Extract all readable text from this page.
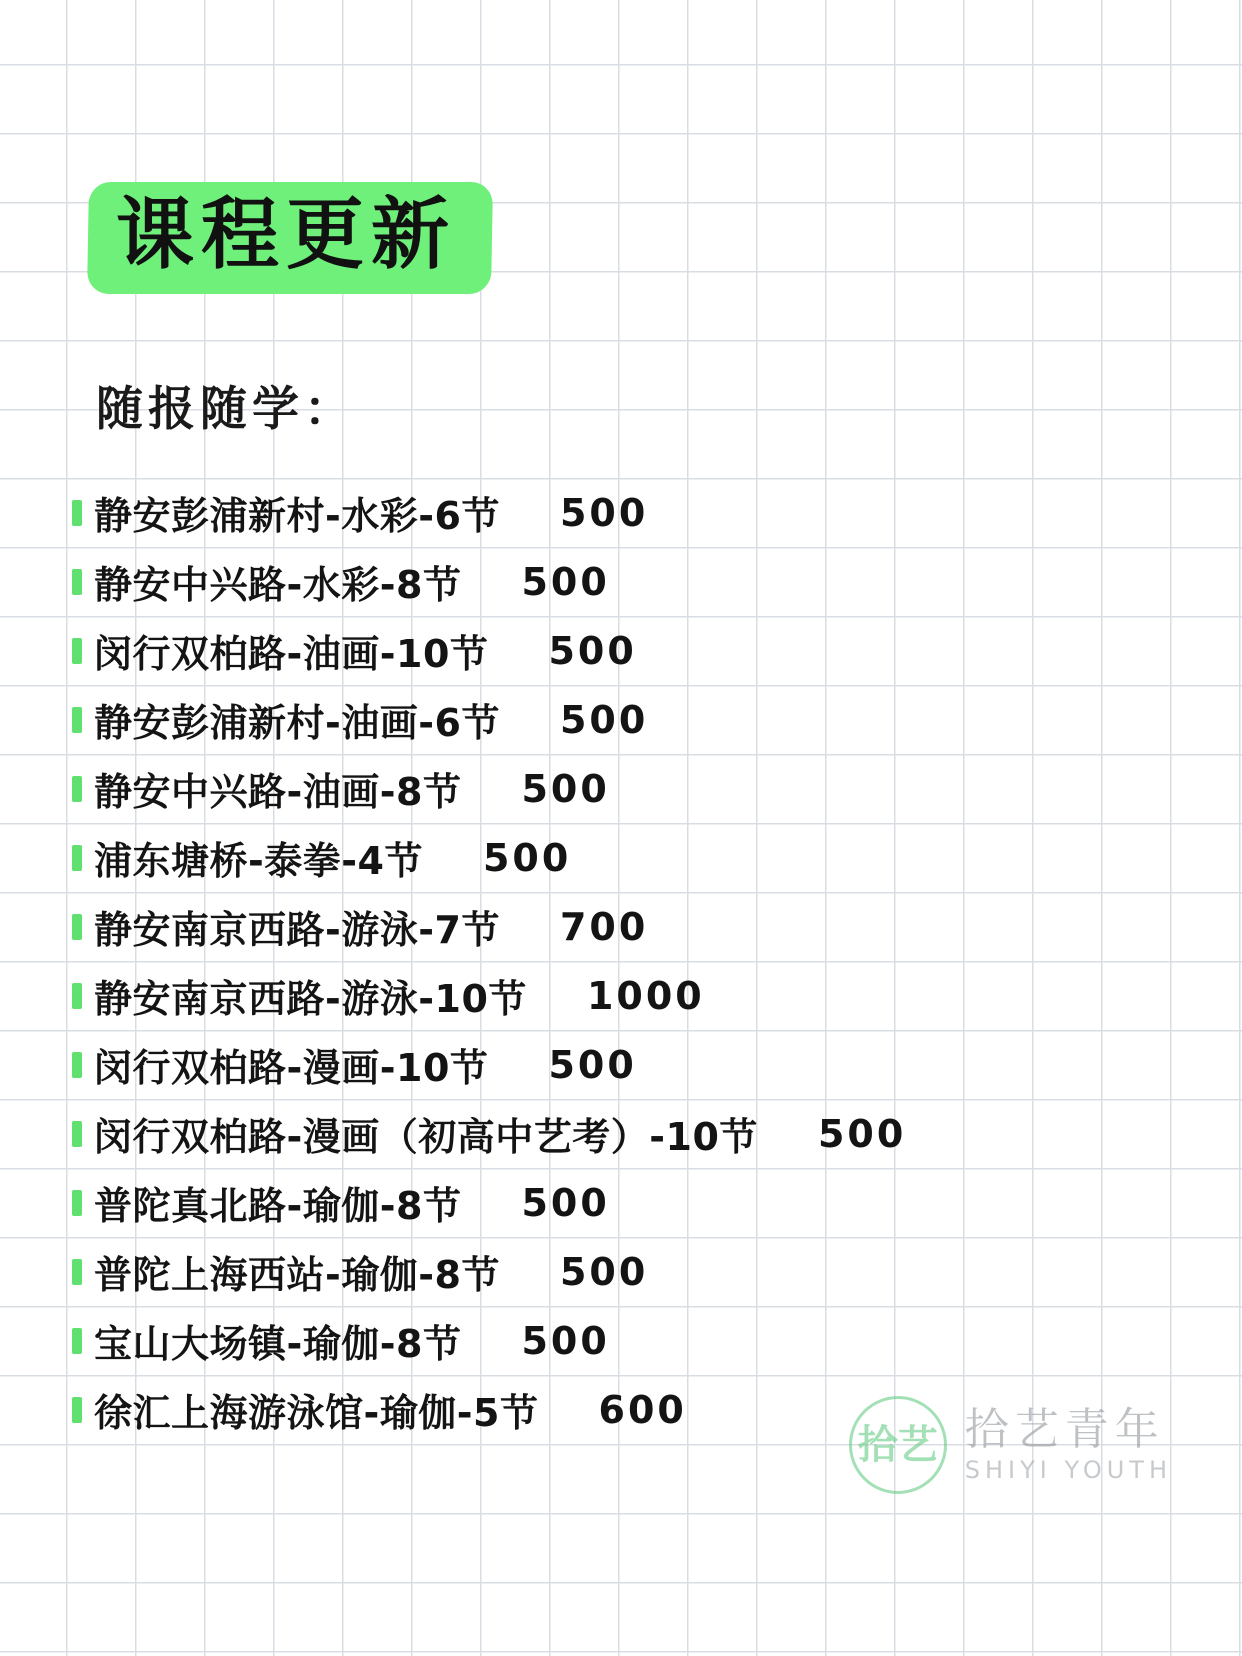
课程更新
随报随学：
静安彭浦新村-水彩-6节 500
静安中兴路-水彩-8节 500
闵行双柏路-油画-10节 500
静安彭浦新村-油画-6节 500
静安中兴路-油画-8节 500
浦东塘桥-泰拳-4节 500
静安南京西路-游泳-7节 700
静安南京西路-游泳-10节 1000
闵行双柏路-漫画-10节 500
闵行双柏路-漫画（初高中艺考）-10节 500
普陀真北路-瑜伽-8节 500
普陀上海西站-瑜伽-8节 500
宝山大场镇-瑜伽-8节 500
徐汇上海游泳馆-瑜伽-5节 600
拾艺 拾艺青年
SHIYI YOUTH
